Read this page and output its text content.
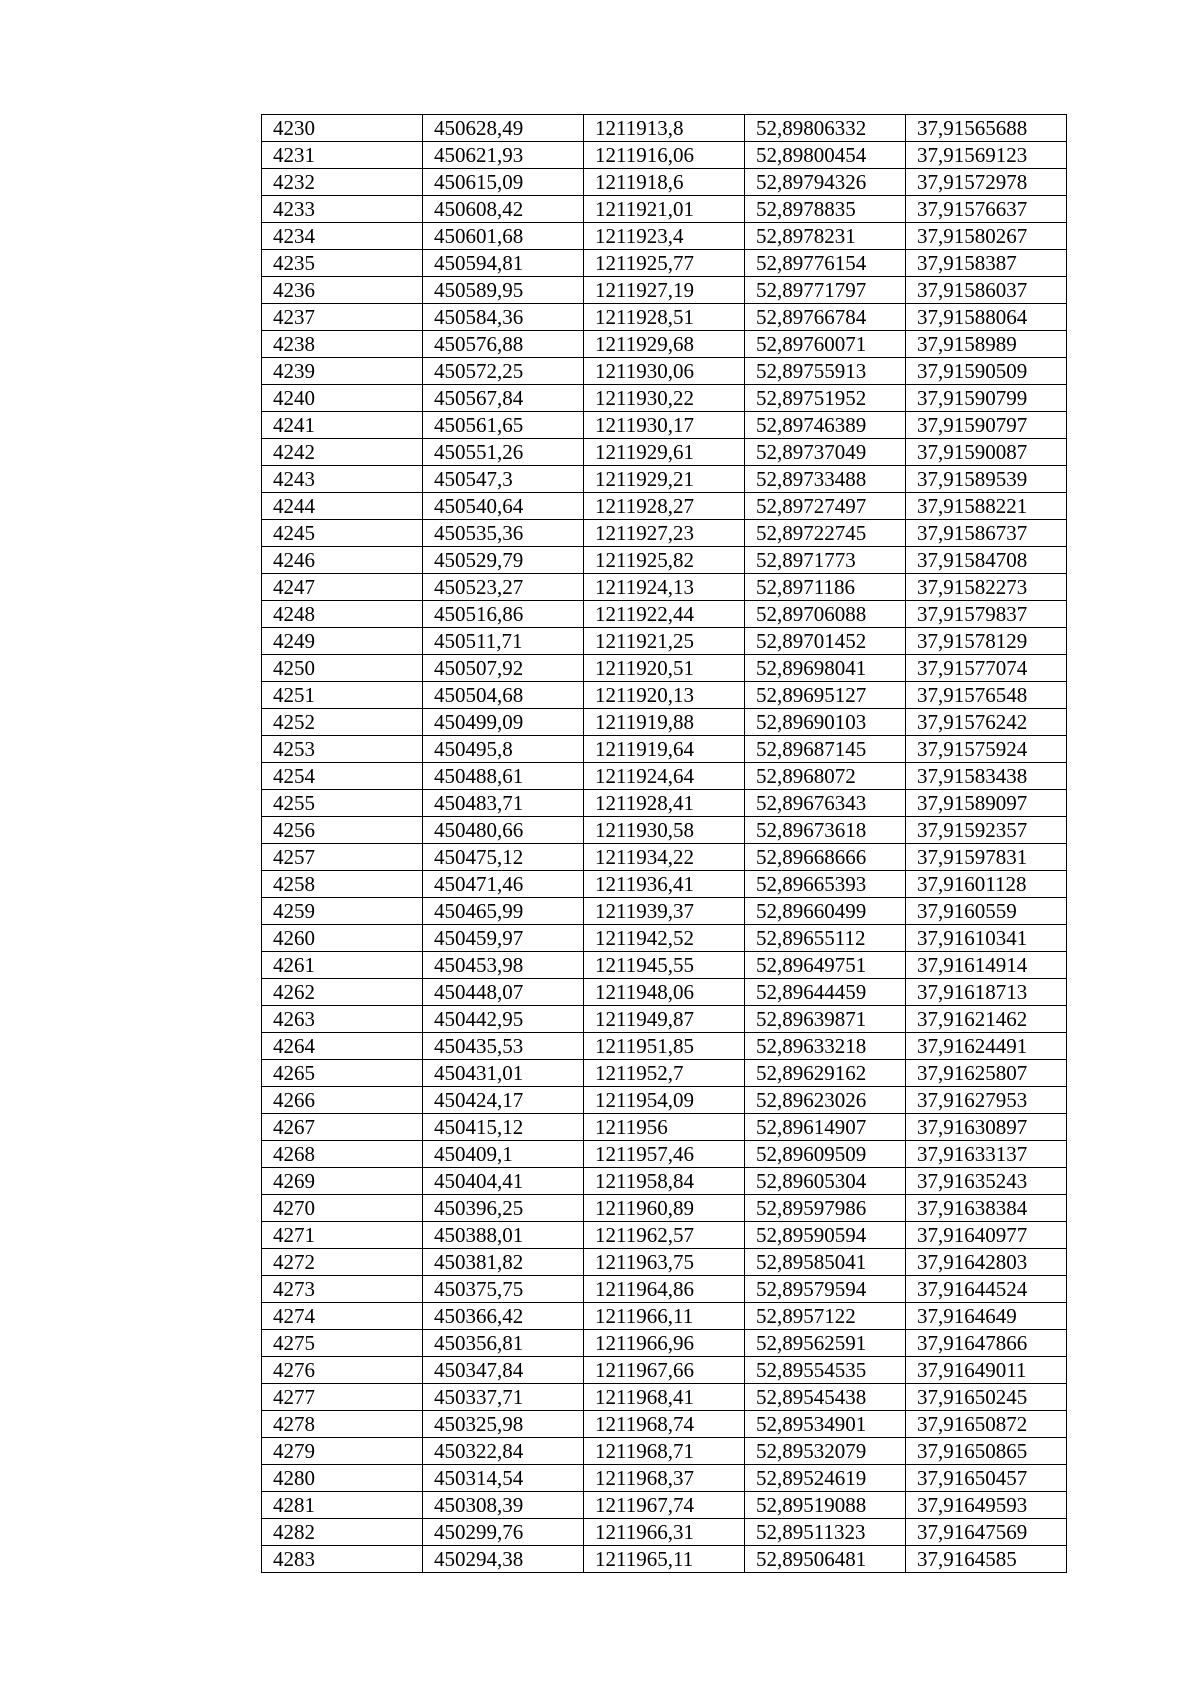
4230	450628,49	1211913,8	52,89806332	37,91565688
4231	450621,93	1211916,06	52,89800454	37,91569123
4232	450615,09	1211918,6	52,89794326	37,91572978
4233	450608,42	1211921,01	52,8978835	37,91576637
4234	450601,68	1211923,4	52,8978231	37,91580267
4235	450594,81	1211925,77	52,89776154	37,9158387
4236	450589,95	1211927,19	52,89771797	37,91586037
4237	450584,36	1211928,51	52,89766784	37,91588064
4238	450576,88	1211929,68	52,89760071	37,9158989
4239	450572,25	1211930,06	52,89755913	37,91590509
4240	450567,84	1211930,22	52,89751952	37,91590799
4241	450561,65	1211930,17	52,89746389	37,91590797
4242	450551,26	1211929,61	52,89737049	37,91590087
4243	450547,3	1211929,21	52,89733488	37,91589539
4244	450540,64	1211928,27	52,89727497	37,91588221
4245	450535,36	1211927,23	52,89722745	37,91586737
4246	450529,79	1211925,82	52,8971773	37,91584708
4247	450523,27	1211924,13	52,8971186	37,91582273
4248	450516,86	1211922,44	52,89706088	37,91579837
4249	450511,71	1211921,25	52,89701452	37,91578129
4250	450507,92	1211920,51	52,89698041	37,91577074
4251	450504,68	1211920,13	52,89695127	37,91576548
4252	450499,09	1211919,88	52,89690103	37,91576242
4253	450495,8	1211919,64	52,89687145	37,91575924
4254	450488,61	1211924,64	52,8968072	37,91583438
4255	450483,71	1211928,41	52,89676343	37,91589097
4256	450480,66	1211930,58	52,89673618	37,91592357
4257	450475,12	1211934,22	52,89668666	37,91597831
4258	450471,46	1211936,41	52,89665393	37,91601128
4259	450465,99	1211939,37	52,89660499	37,9160559
4260	450459,97	1211942,52	52,89655112	37,91610341
4261	450453,98	1211945,55	52,89649751	37,91614914
4262	450448,07	1211948,06	52,89644459	37,91618713
4263	450442,95	1211949,87	52,89639871	37,91621462
4264	450435,53	1211951,85	52,89633218	37,91624491
4265	450431,01	1211952,7	52,89629162	37,91625807
4266	450424,17	1211954,09	52,89623026	37,91627953
4267	450415,12	1211956	52,89614907	37,91630897
4268	450409,1	1211957,46	52,89609509	37,91633137
4269	450404,41	1211958,84	52,89605304	37,91635243
4270	450396,25	1211960,89	52,89597986	37,91638384
4271	450388,01	1211962,57	52,89590594	37,91640977
4272	450381,82	1211963,75	52,89585041	37,91642803
4273	450375,75	1211964,86	52,89579594	37,91644524
4274	450366,42	1211966,11	52,8957122	37,9164649
4275	450356,81	1211966,96	52,89562591	37,91647866
4276	450347,84	1211967,66	52,89554535	37,91649011
4277	450337,71	1211968,41	52,89545438	37,91650245
4278	450325,98	1211968,74	52,89534901	37,91650872
4279	450322,84	1211968,71	52,89532079	37,91650865
4280	450314,54	1211968,37	52,89524619	37,91650457
4281	450308,39	1211967,74	52,89519088	37,91649593
4282	450299,76	1211966,31	52,89511323	37,91647569
4283	450294,38	1211965,11	52,89506481	37,9164585
